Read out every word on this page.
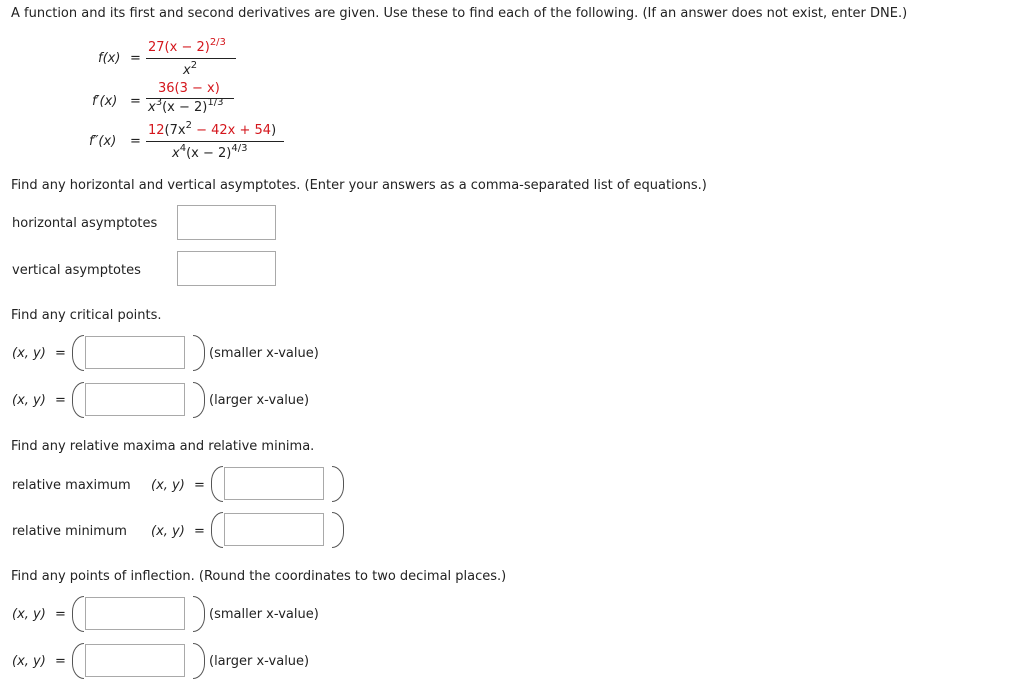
A function and its first and second derivatives are given. Use these to find each of the following. (If an answer does not exist, enter DNE.)
f(x) =
$27(x - 2)^{2/3}$
$x^2$
f′(x) =
36(3 − x)
$x^3(x - 2)^{1/3}$
f″(x) =
$12(7x^2 - 42x + 54)$
$x^4(x - 2)^{4/3}$
Find any horizontal and vertical asymptotes. (Enter your answers as a comma-separated list of equations.)
horizontal asymptotes
vertical asymptotes
Find any critical points.
(x, y) =	(smaller x-value)
(x, y) =	(larger x-value)
Find any relative maxima and relative minima.
relative maximum (x, y) =
relative minimum (x, y) =
Find any points of inflection. (Round the coordinates to two decimal places.)
(x, y) =	(smaller x-value)
(x, y) =	(larger x-value)
